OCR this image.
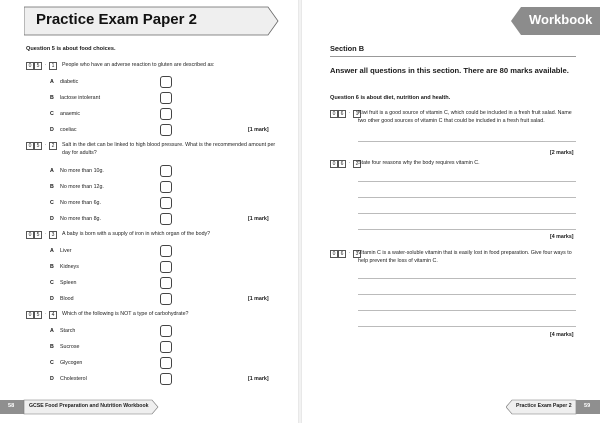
Practice Exam Paper 2
Question 5 is about food choices.
0	5	·	1	People who have an adverse reaction to gluten are described as:
A diabetic
B lactose intolerant
C anaemic
D coeliac	[1 mark]
0	5	·	2	Salt in the diet can be linked to high blood pressure. What is the recommended amount per day for adults?
A No more than 10g.
B No more than 12g.
C No more than 6g.
D No more than 8g.	[1 mark]
0	5	·	3	A baby is born with a supply of iron in which organ of the body?
A Liver
B Kidneys
C Spleen
D Blood	[1 mark]
0	5	·	4	Which of the following is NOT a type of carbohydrate?
A Starch
B Sucrose
C Glycogen
D Cholesterol	[1 mark]
58	GCSE Food Preparation and Nutrition Workbook
Workbook
Section B
Answer all questions in this section. There are 80 marks available.
Question 6 is about diet, nutrition and health.
0	6	·	1 Kiwi fruit is a good source of vitamin C, which could be included in a fresh fruit salad. Name two other good sources of vitamin C that could be included in a fresh fruit salad.
[2 marks]
0	6	·	2 State four reasons why the body requires vitamin C.
[4 marks]
0	6	·	3 Vitamin C is a water-soluble vitamin that is easily lost in food preparation. Give four ways to help prevent the loss of vitamin C.
[4 marks]
Practice Exam Paper 2 59
